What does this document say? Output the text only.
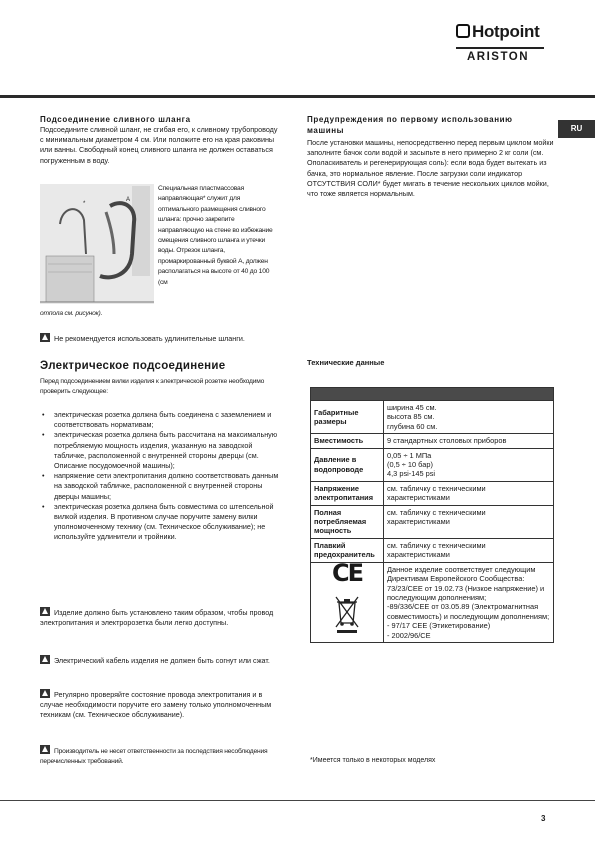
Hotpoint
ARISTON
RU
Подсоединение сливного шланга
Подсоедините сливной шланг, не сгибая его, к сливному трубопроводу с минимальным диаметром 4 см. Или положите его на края раковины или ванны. Свободный конец сливного шланга не должен оставаться погруженным в воду.
*
A
Специальная пластмассовая направляющая* служит для оптимального размещения сливного шланга: прочно закрепите направляющую на стене во избежание смещения сливного шланга и утечки воды. Отрезок шланга, промаркированный буквой А, должен располагаться на высоте от 40 до 100 (см
отпола см. рисунок).
Не рекомендуется использовать удлинительные шланги.
Электрическое подсоединение
Перед подсоединением вилки изделия к электрической розетке необходимо проверить следующее:
• электрическая розетка должна быть соединена с заземлением и соответствовать нормативам;
• электрическая розетка должна быть рассчитана на максимальную потребляемую мощность изделия, указанную на заводской табличке, расположенной с внутренней стороны дверцы (см. Описание посудомоечной машины);
• напряжение сети электропитания должно соответствовать данным на заводской табличке, расположенной с внутренней стороны дверцы машины;
• электрическая розетка должна быть совместима со штепсельной вилкой изделия. В противном случае поручите замену вилки уполномоченному технику (см. Техническое обслуживание); не используйте удлинители и тройники.
Изделие должно быть установлено таким образом, чтобы провод электропитания и электророзетка были легко доступны.
Электрический кабель изделия не должен быть согнут или сжат.
Регулярно проверяйте состояние провода электропитания и в случае необходимости поручите его замену только уполномоченным техникам (см. Техническое обслуживание).
Производитель не несет ответственности за последствия несоблюдения перечисленных требований.
Предупреждения по первому использованию машины
После установки машины, непосредственно перед первым циклом мойки заполните бачок соли водой и засыпьте в него примерно 2 кг соли (см. Ополаскиватель и регенерирующая соль): если вода будет вытекать из бачка, это нормальное явление. После загрузки соли индикатор ОТСУТСТВИЯ СОЛИ* будет мигать в течение нескольких циклов мойки, что тоже является нормальным.
Технические данные

Габаритные размеры	ширина 45 см.
высота 85 см.
глубина 60 см.
Вместимость	9 стандартных столовых приборов
Давление в водопроводе	0,05 ÷ 1 МПа
(0,5 ÷ 10 бар)
4,3 psi-145 psi
Напряжение электропитания	см. табличку с техническими характеристиками
Полная потребляемая мощность	см. табличку с техническими характеристиками
Плавкий предохранитель	см. табличку с техническими характеристиками

CE	Данное изделие соответствует следующим Директивам Европейского Сообщества:
73/23/CEE от 19.02.73 (Низкое напряжение) и последующим дополнениям;
-89/336/CEE от 03.05.89 (Электромагнитная совместимость) и последующим дополнениям;
- 97/17 CEE (Этикетирование)
- 2002/96/CE
*Имеется только в некоторых моделях
3
